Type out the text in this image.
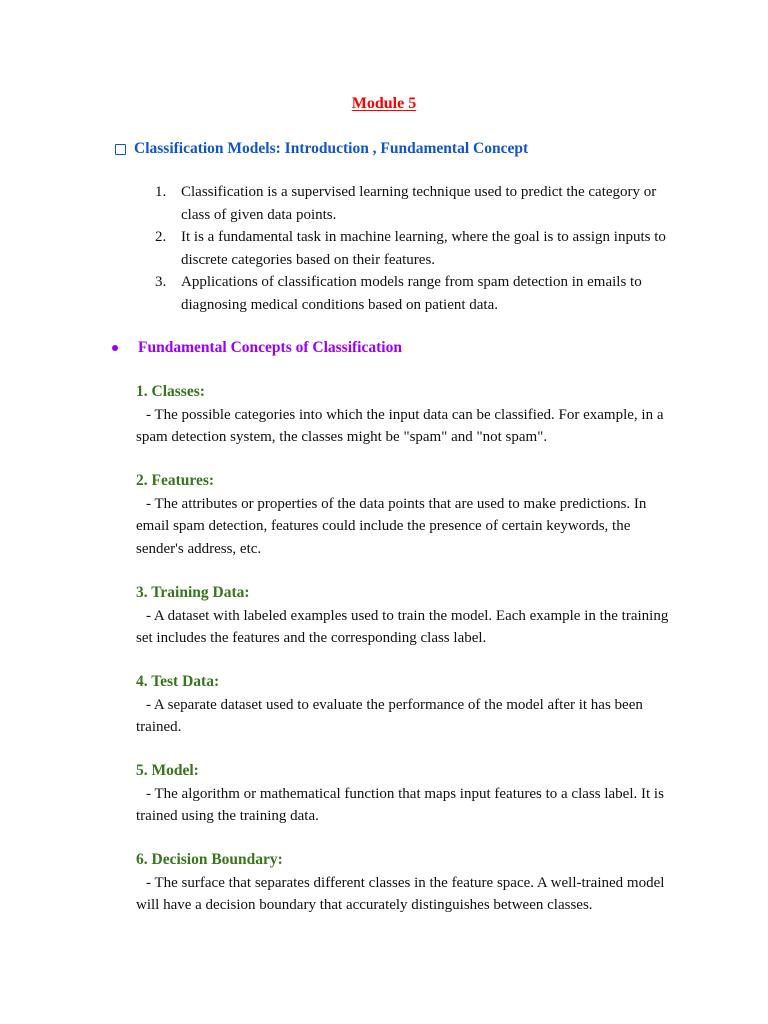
Module 5
Classification Models: Introduction , Fundamental Concept
1. Classification is a supervised learning technique used to predict the category or class of given data points.
2. It is a fundamental task in machine learning, where the goal is to assign inputs to discrete categories based on their features.
3. Applications of classification models range from spam detection in emails to diagnosing medical conditions based on patient data.
Fundamental Concepts of Classification
1. Classes:
- The possible categories into which the input data can be classified. For example, in a spam detection system, the classes might be "spam" and "not spam".
2. Features:
- The attributes or properties of the data points that are used to make predictions. In email spam detection, features could include the presence of certain keywords, the sender's address, etc.
3. Training Data:
- A dataset with labeled examples used to train the model. Each example in the training set includes the features and the corresponding class label.
4. Test Data:
- A separate dataset used to evaluate the performance of the model after it has been trained.
5. Model:
- The algorithm or mathematical function that maps input features to a class label. It is trained using the training data.
6. Decision Boundary:
- The surface that separates different classes in the feature space. A well-trained model will have a decision boundary that accurately distinguishes between classes.
